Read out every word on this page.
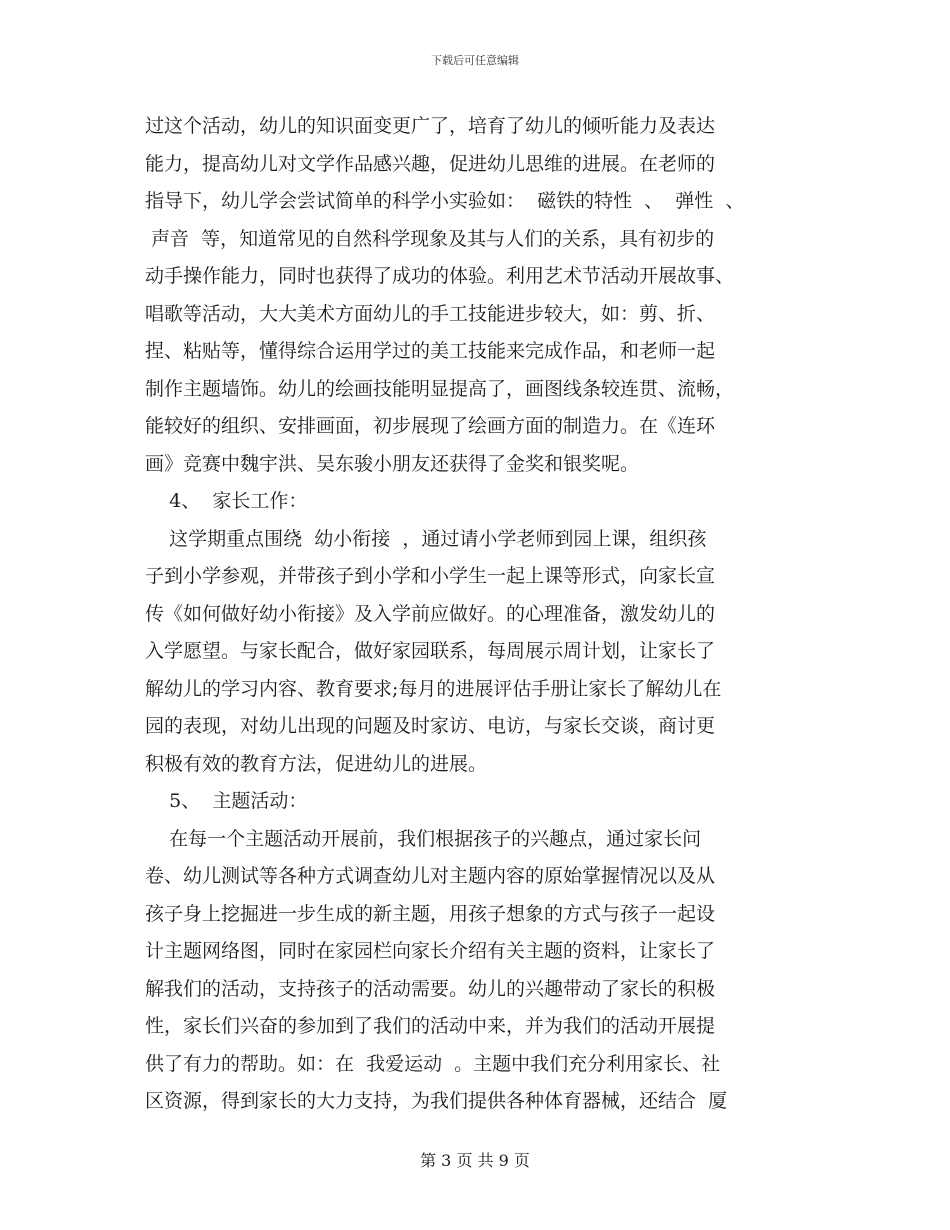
下载后可任意编辑
过这个活动，幼儿的知识面变更广了，培育了幼儿的倾听能力及表达
能力，提高幼儿对文学作品感兴趣，促进幼儿思维的进展。在老师的
指导下，幼儿学会尝试简单的科学小实验如：  磁铁的特性  、  弹性  、
声音  等，知道常见的自然科学现象及其与人们的关系，具有初步的
动手操作能力，同时也获得了成功的体验。利用艺术节活动开展故事、
唱歌等活动，大大美术方面幼儿的手工技能进步较大，如：剪、折、
捏、粘贴等，懂得综合运用学过的美工技能来完成作品，和老师一起
制作主题墙饰。幼儿的绘画技能明显提高了，画图线条较连贯、流畅，
能较好的组织、安排画面，初步展现了绘画方面的制造力。在《连环
画》竞赛中魏宇洪、吴东骏小朋友还获得了金奖和银奖呢。
4、  家长工作：
这学期重点围绕  幼小衔接  ，通过请小学老师到园上课，组织孩
子到小学参观，并带孩子到小学和小学生一起上课等形式，向家长宣
传《如何做好幼小衔接》及入学前应做好。的心理准备，激发幼儿的
入学愿望。与家长配合，做好家园联系，每周展示周计划，让家长了
解幼儿的学习内容、教育要求;每月的进展评估手册让家长了解幼儿在
园的表现，对幼儿出现的问题及时家访、电访，与家长交谈，商讨更
积极有效的教育方法，促进幼儿的进展。
5、  主题活动：
在每一个主题活动开展前，我们根据孩子的兴趣点，通过家长问
卷、幼儿测试等各种方式调查幼儿对主题内容的原始掌握情况以及从
孩子身上挖掘进一步生成的新主题，用孩子想象的方式与孩子一起设
计主题网络图，同时在家园栏向家长介绍有关主题的资料，让家长了
解我们的活动，支持孩子的活动需要。幼儿的兴趣带动了家长的积极
性，家长们兴奋的参加到了我们的活动中来，并为我们的活动开展提
供了有力的帮助。如：在  我爱运动  。主题中我们充分利用家长、社
区资源，得到家长的大力支持，为我们提供各种体育器械，还结合  厦
第 3 页 共 9 页
